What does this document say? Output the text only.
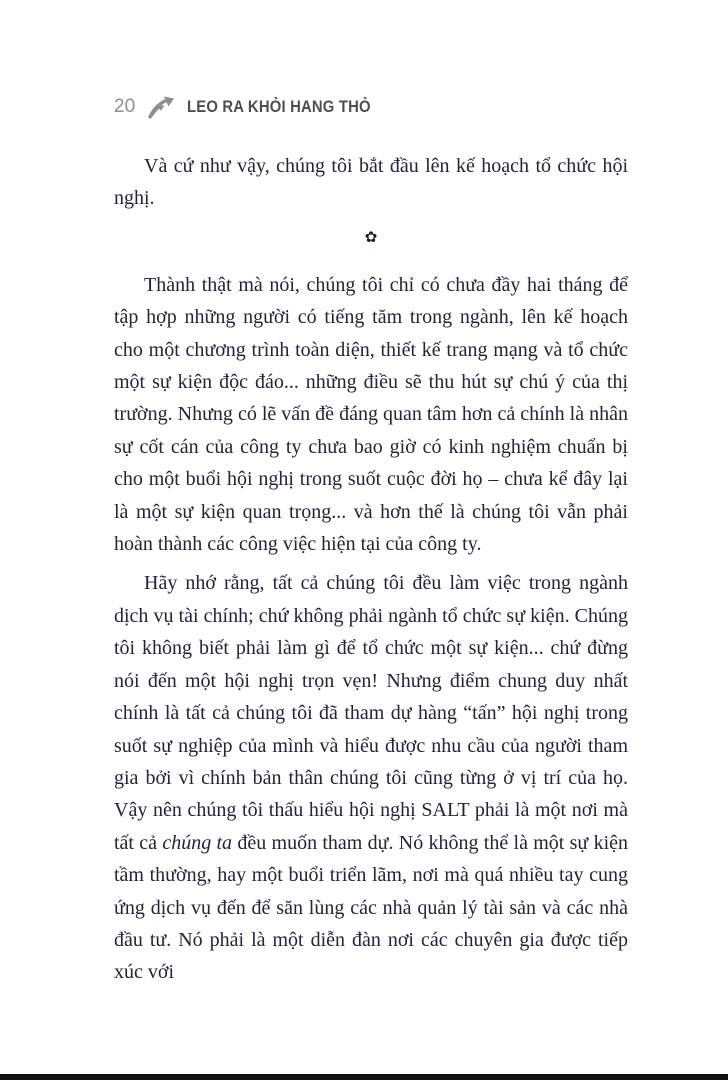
20	LEO RA KHỎI HANG THỎ

Và cứ như vậy, chúng tôi bắt đầu lên kế hoạch tổ chức hội nghị.

✿

Thành thật mà nói, chúng tôi chỉ có chưa đầy hai tháng để tập hợp những người có tiếng tăm trong ngành, lên kế hoạch cho một chương trình toàn diện, thiết kế trang mạng và tổ chức một sự kiện độc đáo... những điều sẽ thu hút sự chú ý của thị trường. Nhưng có lẽ vấn đề đáng quan tâm hơn cả chính là nhân sự cốt cán của công ty chưa bao giờ có kinh nghiệm chuẩn bị cho một buổi hội nghị trong suốt cuộc đời họ – chưa kể đây lại là một sự kiện quan trọng... và hơn thế là chúng tôi vẫn phải hoàn thành các công việc hiện tại của công ty.

Hãy nhớ rằng, tất cả chúng tôi đều làm việc trong ngành dịch vụ tài chính; chứ không phải ngành tổ chức sự kiện. Chúng tôi không biết phải làm gì để tổ chức một sự kiện... chứ đừng nói đến một hội nghị trọn vẹn! Nhưng điểm chung duy nhất chính là tất cả chúng tôi đã tham dự hàng “tấn” hội nghị trong suốt sự nghiệp của mình và hiểu được nhu cầu của người tham gia bởi vì chính bản thân chúng tôi cũng từng ở vị trí của họ. Vậy nên chúng tôi thấu hiểu hội nghị SALT phải là một nơi mà tất cả chúng ta đều muốn tham dự. Nó không thể là một sự kiện tầm thường, hay một buổi triển lãm, nơi mà quá nhiều tay cung ứng dịch vụ đến để săn lùng các nhà quản lý tài sản và các nhà đầu tư. Nó phải là một diễn đàn nơi các chuyên gia được tiếp xúc với
